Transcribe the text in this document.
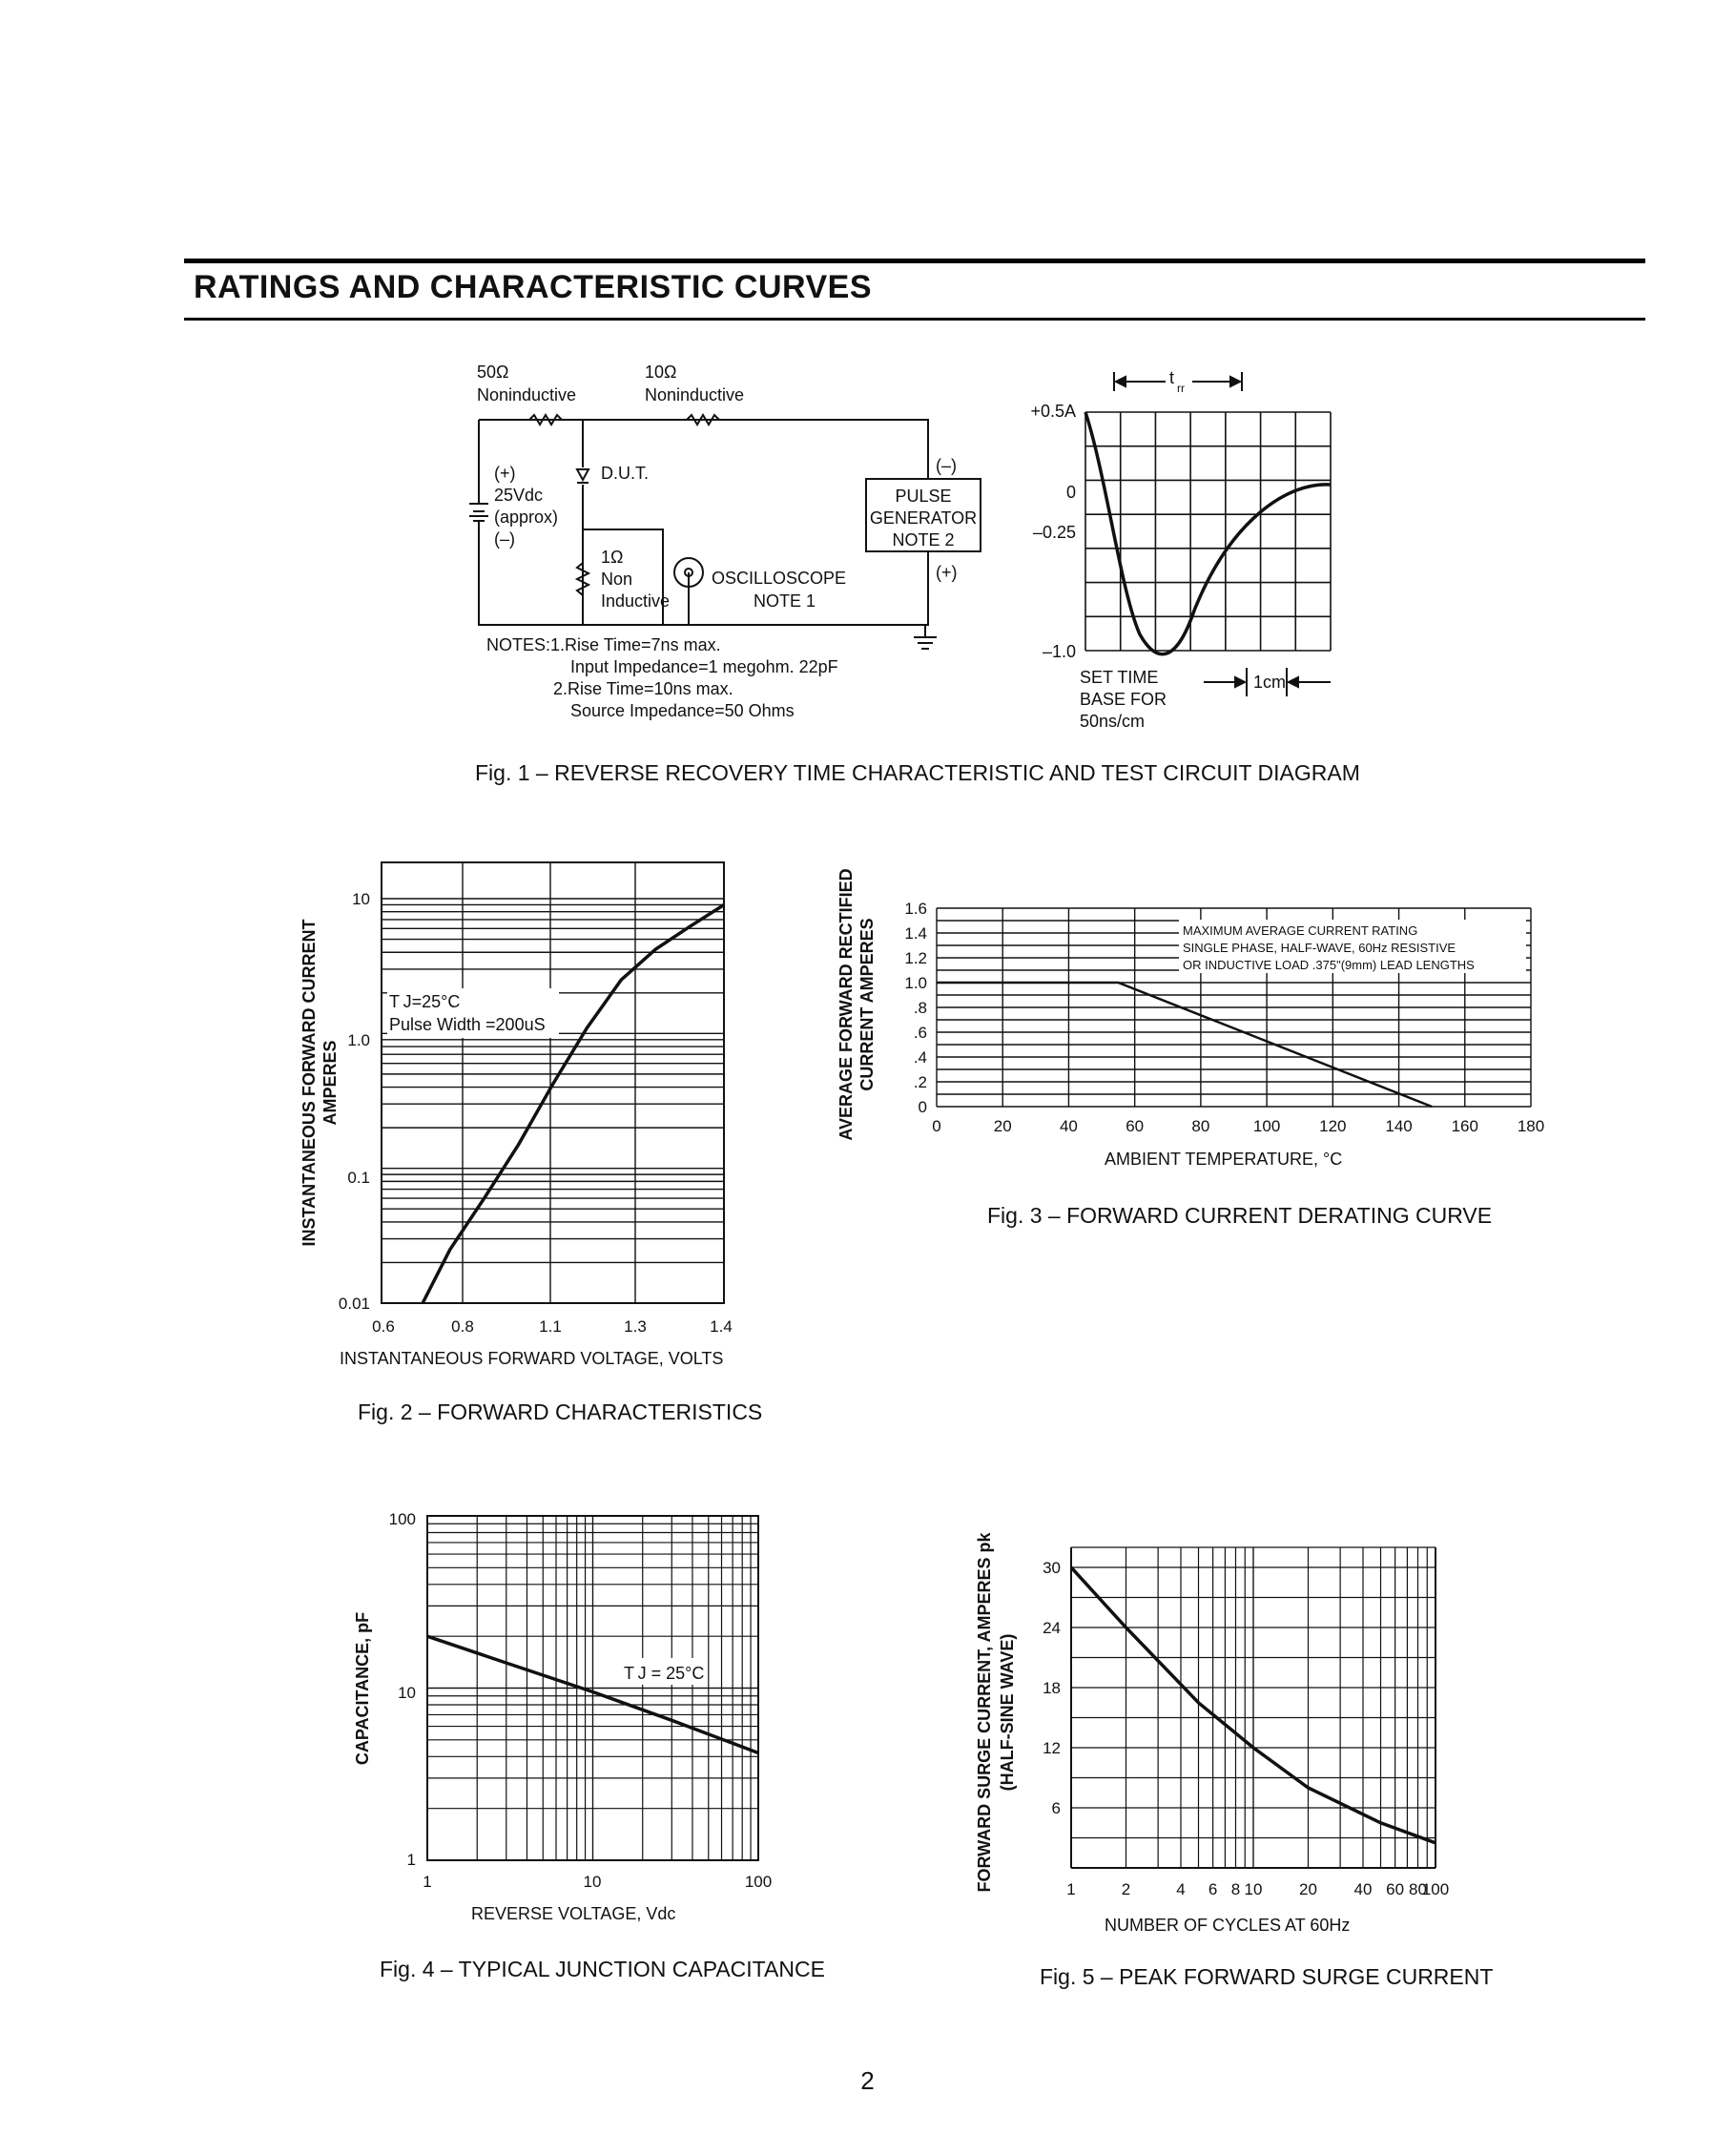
RATINGS AND CHARACTERISTIC CURVES
50Ω
Noninductive
10Ω
Noninductive
D.U.T.
(+)
25Vdc
(approx)
(–)
1Ω
Non
Inductive
OSCILLOSCOPE
NOTE 1
(–)
PULSE
GENERATOR
NOTE 2
(+)
NOTES:1.Rise Time=7ns max.
Input Impedance=1 megohm. 22pF
2.Rise Time=10ns max.
Source Impedance=50 Ohms
t
rr
+0.5A
0
–0.25
–1.0
SET TIME
BASE FOR
50ns/cm
1cm
Fig. 1 – REVERSE RECOVERY TIME CHARACTERISTIC AND TEST CIRCUIT DIAGRAM
10
1.0
0.1
0.01
0.6	0.8	1.1	1.3	1.4
T J=25°C
Pulse Width =200uS
INSTANTANEOUS FORWARD VOLTAGE, VOLTS
INSTANTANEOUS FORWARD CURRENT AMPERES
Fig. 2 – FORWARD CHARACTERISTICS
MAXIMUM AVERAGE CURRENT RATING
SINGLE PHASE, HALF-WAVE, 60Hz RESISTIVE
OR INDUCTIVE LOAD .375"(9mm) LEAD LENGTHS
1.6
1.4
1.2
1.0
.8
.6
.4
.2
0
0	20	40	60	80	100 120 140 160 180
AMBIENT TEMPERATURE, °C
AVERAGE FORWARD RECTIFIED CURRENT AMPERES
Fig. 3 – FORWARD CURRENT DERATING CURVE
T J = 25°C
100
10
1
1	10	100
REVERSE VOLTAGE, Vdc
CAPACITANCE, pF
Fig. 4 – TYPICAL JUNCTION CAPACITANCE
30
24
18
12
6
1	2	4 6 8 10 20 40 60 80
100
NUMBER OF CYCLES AT 60Hz
FORWARD SURGE CURRENT, AMPERES pk (HALF-SINE WAVE)
Fig. 5 – PEAK FORWARD SURGE CURRENT
2
